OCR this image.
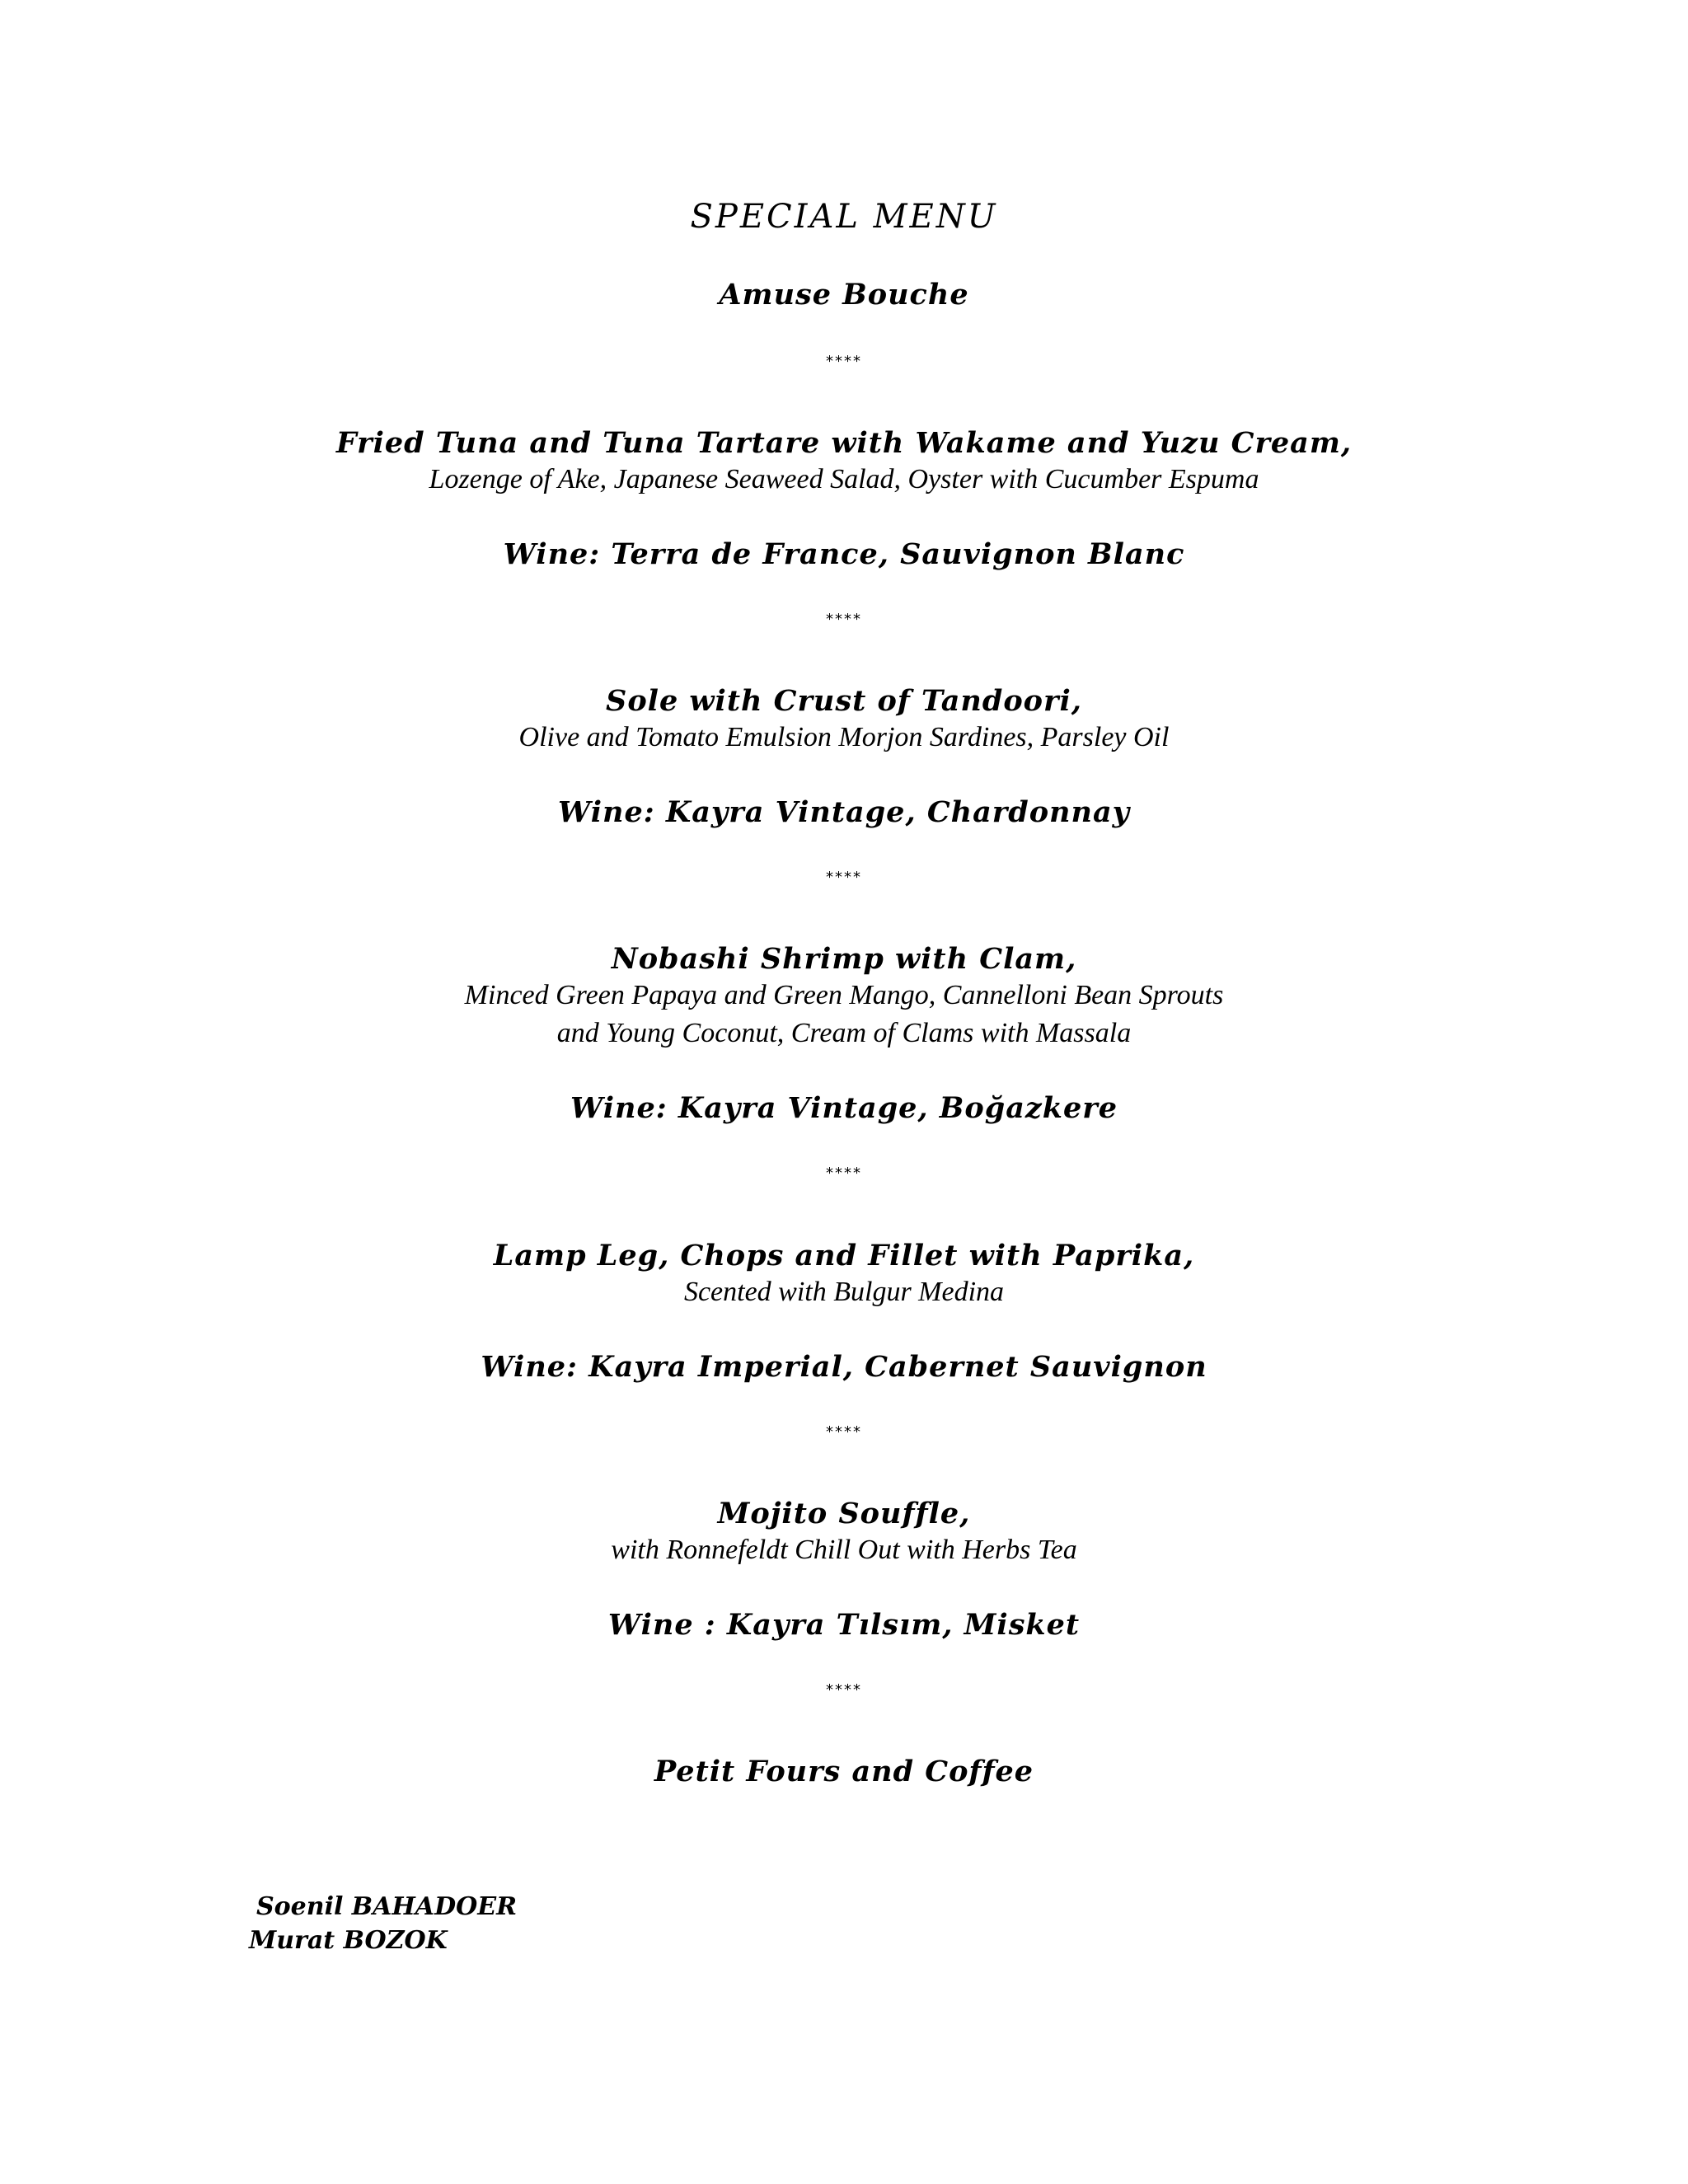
SPECIAL MENU
Amuse Bouche
****
Fried Tuna and Tuna Tartare with Wakame and Yuzu Cream,
Lozenge of Ake, Japanese Seaweed Salad, Oyster with Cucumber Espuma
Wine: Terra de France, Sauvignon Blanc
****
Sole with Crust of Tandoori,
Olive and Tomato Emulsion Morjon Sardines, Parsley Oil
Wine: Kayra Vintage, Chardonnay
****
Nobashi Shrimp with Clam,
Minced Green Papaya and Green Mango, Cannelloni Bean Sprouts
and Young Coconut, Cream of Clams with Massala
Wine: Kayra Vintage, Boğazkere
****
Lamp Leg, Chops and Fillet with Paprika,
Scented with Bulgur Medina
Wine: Kayra Imperial, Cabernet Sauvignon
****
Mojito Souffle,
with Ronnefeldt Chill Out with Herbs Tea
Wine : Kayra Tılsım, Misket
****
Petit Fours and Coffee
Soenil BAHADOER
Murat BOZOK
